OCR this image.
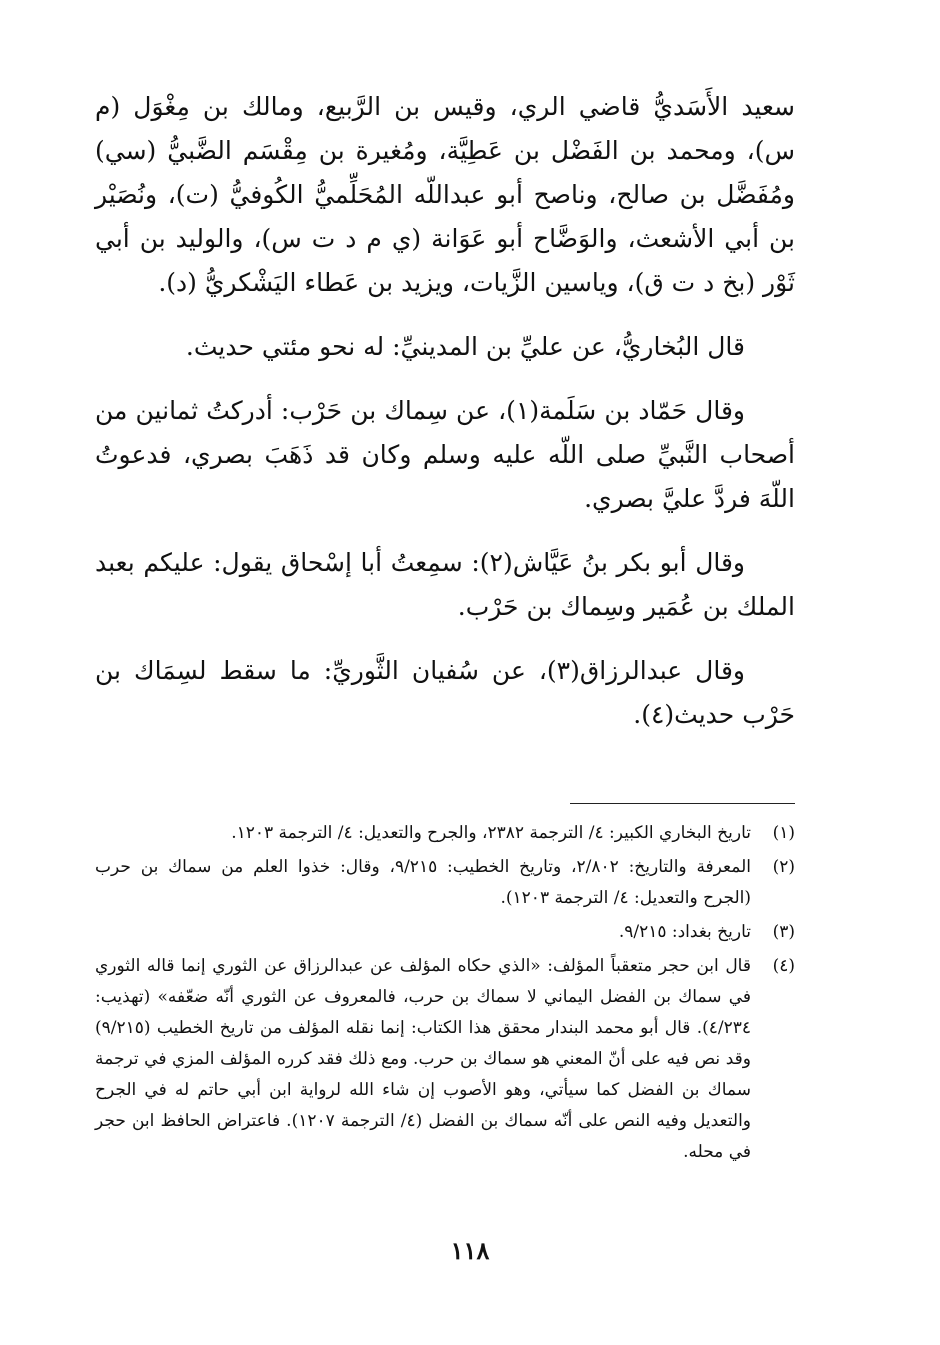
سعيد الأَسَديُّ قاضي الري، وقيس بن الرَّبيع، ومالك بن مِغْوَل (م س)، ومحمد بن الفَضْل بن عَطِيَّة، ومُغيرة بن مِقْسَم الضَّبيُّ (سي) ومُفَضَّل بن صالح، وناصح أبو عبداللّه المُحَلِّميُّ الكُوفيُّ (ت)، ونُصَيْر بن أبي الأشعث، والوَضَّاح أبو عَوَانة (ي م د ت س)، والوليد بن أبي ثَوْر (بخ د ت ق)، وياسين الزَّيات، ويزيد بن عَطاء اليَشْكريُّ (د).

قال البُخاريُّ، عن عليِّ بن المدينيِّ: له نحو مئتي حديث.

وقال حَمّاد بن سَلَمة(١)، عن سِماك بن حَرْب: أدركتُ ثمانين من أصحاب النَّبيِّ صلى اللّه عليه وسلم وكان قد ذَهَبَ بصري، فدعوتُ اللّهَ فردَّ عليَّ بصري.

وقال أبو بكر بنُ عَيَّاش(٢): سمِعتُ أبا إسْحاق يقول: عليكم بعبد الملك بن عُمَير وسِماك بن حَرْب.

وقال عبدالرزاق(٣)، عن سُفيان الثَّوريِّ: ما سقط لسِمَاك بن حَرْب حديث(٤).

(١)
تاريخ البخاري الكبير: ٤/ الترجمة ٢٣٨٢، والجرح والتعديل: ٤/ الترجمة ١٢٠٣.
(٢)
المعرفة والتاريخ: ٢/٨٠٢، وتاريخ الخطيب: ٩/٢١٥، وقال: خذوا العلم من سماك بن حرب (الجرح والتعديل: ٤/ الترجمة ١٢٠٣).
(٣)
تاريخ بغداد: ٩/٢١٥.
(٤)
قال ابن حجر متعقباً المؤلف: «الذي حكاه المؤلف عن عبدالرزاق عن الثوري إنما قاله الثوري في سماك بن الفضل اليماني لا سماك بن حرب، فالمعروف عن الثوري أنّه ضعّفه» (تهذيب: ٤/٢٣٤). قال أبو محمد البندار محقق هذا الكتاب: إنما نقله المؤلف من تاريخ الخطيب (٩/٢١٥) وقد نص فيه على أنّ المعني هو سماك بن حرب. ومع ذلك فقد كرره المؤلف المزي في ترجمة سماك بن الفضل كما سيأتي، وهو الأصوب إن شاء الله لرواية ابن أبي حاتم له في الجرح والتعديل وفيه النص على أنّه سماك بن الفضل (٤/ الترجمة ١٢٠٧). فاعتراض الحافظ ابن حجر في محله.
١١٨
